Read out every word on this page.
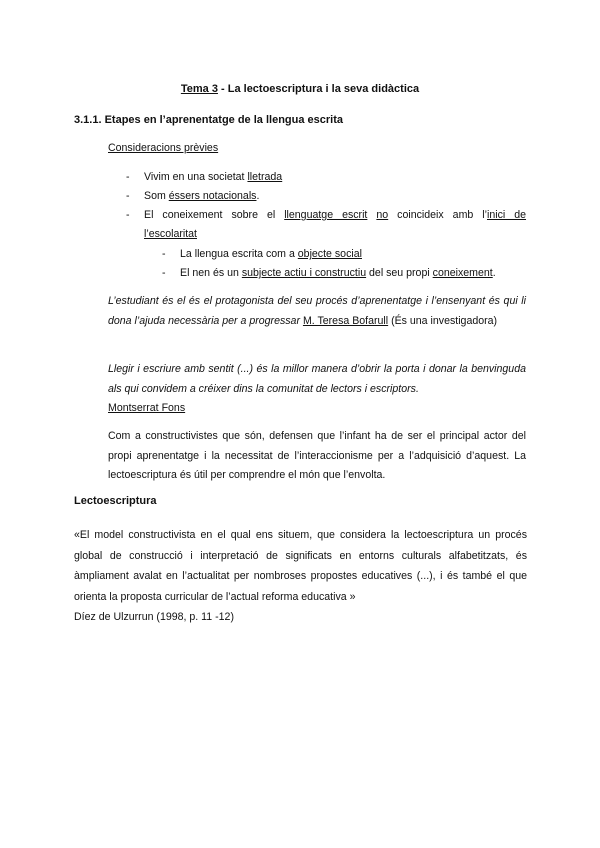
Tema 3 - La lectoescriptura i la seva didàctica
3.1.1. Etapes en l’aprenentatge de la llengua escrita
Consideracions prèvies
- Vivim en una societat lletrada
- Som éssers notacionals.
- El coneixement sobre el llenguatge escrit no coincideix amb l’inici de
l’escolaritat
- La llengua escrita com a objecte social
- El nen és un subjecte actiu i constructiu del seu propi coneixement.
L’estudiant és el és el protagonista del seu procés d’aprenentatge i l’ensenyant és qui li dona l’ajuda necessària per a progressar M. Teresa Bofarull (És una investigadora)
Llegir i escriure amb sentit (...) és la millor manera d’obrir la porta i donar la benvinguda als qui convidem a créixer dins la comunitat de lectors i escriptors.
Montserrat Fons
Com a constructivistes que són, defensen que l’infant ha de ser el principal actor del propi aprenentatge i la necessitat de l’interaccionisme per a l’adquisició d’aquest. La lectoescriptura és útil per comprendre el món que l’envolta.
Lectoescriptura
«El model constructivista en el qual ens situem, que considera la lectoescriptura un procés global de construcció i interpretació de significats en entorns culturals alfabetitzats, és àmpliament avalat en l’actualitat per nombroses propostes educatives (...), i és també el que orienta la proposta curricular de l’actual reforma educativa »
Díez de Ulzurrun (1998, p. 11 -12)
